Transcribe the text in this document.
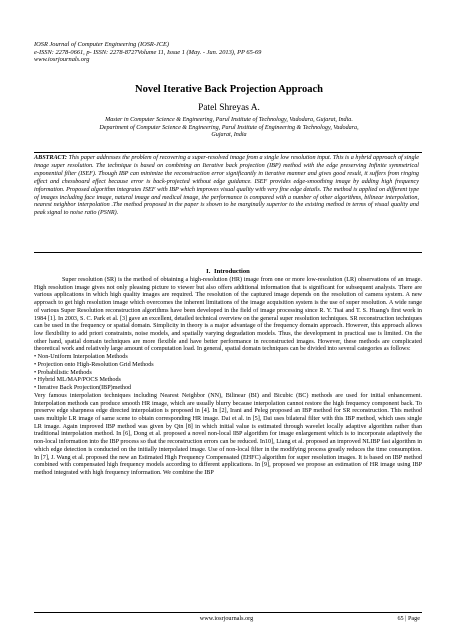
IOSR Journal of Computer Engineering (IOSR-JCE)
e-ISSN: 2278-0661, p- ISSN: 2278-8727Volume 11, Issue 1 (May. - Jun. 2013), PP 65-69
www.iosrjournals.org
Novel Iterative Back Projection Approach
Patel Shreyas A.
Master in Computer Science & Engineering, Parul Institute of Technology, Vadodara, Gujarat, India.
Department of Computer Science & Engineering, Parul Institute of Engineering & Technology, Vadodara,
Gujarat, India
ABSTRACT: This paper addresses the problem of recovering a super-resolved image from a single low resolution input. This is a hybrid approach of single image super resolution. The technique is based on combining an Iterative back projection (IBP) method with the edge preserving Infinite symmetrical exponential filter (ISEF). Though IBP can minimize the reconstruction error significantly in iterative manner and gives good result, it suffers from ringing effect and chessboard effect because error is back-projected without edge guidance. ISEF provides edge-smoothing image by adding high frequency information. Proposed algorithm integrates ISEF with IBP which improves visual quality with very fine edge details. The method is applied on different type of images including face image, natural image and medical image, the performance is compared with a number of other algorithms, bilinear interpolation, nearest neighbor interpolation .The method proposed in the paper is shown to be marginally superior to the existing method in terms of visual quality and peak signal to noise ratio (PSNR).
I. Introduction

Super resolution (SR) is the method of obtaining a high-resolution (HR) image from one or more low-resolution (LR) observations of an image. High resolution image gives not only pleasing picture to viewer but also offers additional information that is significant for subsequent analysis. There are various applications in which high quality images are required. The resolution of the captured image depends on the resolution of camera system. A new approach to get high resolution image which overcomes the inherent limitations of the image acquisition system is the use of super resolution. A wide range of various Super Resolution reconstruction algorithms have been developed in the field of image processing since R. Y. Tsai and T. S. Huang's first work in 1984 [1]. In 2003, S. C. Park et al. [3] gave an excellent, detailed technical overview on the general super resolution techniques. SR reconstruction techniques can be used in the frequency or spatial domain. Simplicity in theory is a major advantage of the frequency domain approach. However, this approach allows low flexibility to add priori constraints, noise models, and spatially varying degradation models. Thus, the development in practical use is limited. On the other hand, spatial domain techniques are more flexible and have better performance in reconstructed images. However, these methods are complicated theoretical work and relatively large amount of computation load. In general, spatial domain techniques can be divided into several categories as follows:

• Non-Uniform Interpolation Methods
• Projection onto High-Resolution Grid Methods
• Probabilistic Methods
• Hybrid ML/MAP/POCS Methods
• Iterative Back Projection(IBP)method

Very famous interpolation techniques including Nearest Neighbor (NN), Bilinear (BI) and Bicubic (BC) methods are used for initial enhancement. Interpolation methods can produce smooth HR image, which are usually blurry because interpolation cannot restore the high frequency component back. To preserve edge sharpness edge directed interpolation is proposed in [4]. In [2], Irani and Peleg proposed an IBP method for SR reconstruction. This method uses multiple LR image of same scene to obtain corresponding HR image. Dai et al. in [5], Dai uses bilateral filter with this IBP method, which uses single LR image. Again improved IBP method was given by Qin [8] in which initial value is estimated through wavelet locally adaptive algorithm rather than traditional interpolation method. In [6], Dong et al. proposed a novel non-local IBP algorithm for image enlargement which is to incorporate adaptively the non-local information into the IBP process so that the reconstruction errors can be reduced. In10], Liang et al. proposed an improved NLIBP fast algorithm in which edge detection is conducted on the initially interpolated image. Use of non-local filter in the modifying process greatly reduces the time consumption. In [7], J. Wang et al. proposed the new an Estimated High Frequency Compensated (EHFC) algorithm for super resolution images. It is based on IBP method combined with compensated high frequency models according to different applications. In [9], proposed we propose an estimation of HR image using IBP method integrated with high frequency information. We combine the IBP

www.iosrjournals.org	65 | Page
